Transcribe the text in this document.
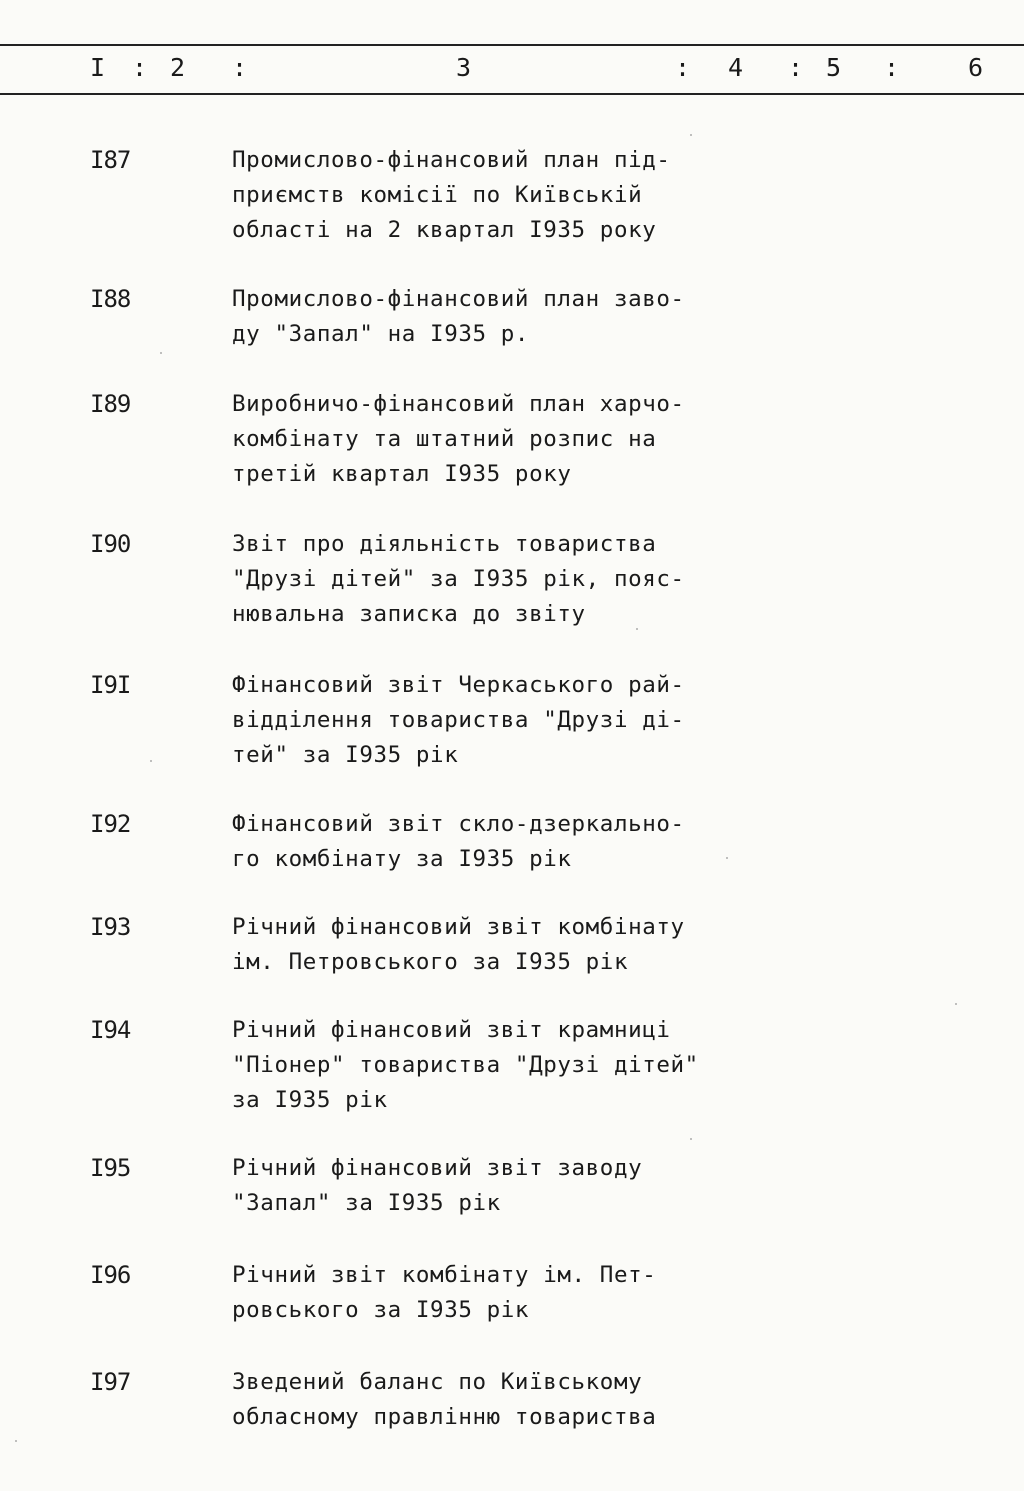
I : 2 :	3	: 4 : 5 :	6
I87	Промислово-фінансовий план під-
приємств комісії по Київській
області на 2 квартал I935 року
I88	Промислово-фінансовий план заво-
ду "Запал" на I935 р.
I89	Виробничо-фінансовий план харчо-
комбінату та штатний розпис на
третій квартал I935 року
I90	Звіт про діяльність товариства
"Друзі дітей" за I935 рік, пояс-
нювальна записка до звіту
I9I	Фінансовий звіт Черкаського рай-
відділення товариства "Друзі ді-
тей" за I935 рік
I92	Фінансовий звіт скло-дзеркально-
го комбінату за I935 рік
I93	Річний фінансовий звіт комбінату
ім. Петровського за I935 рік
I94	Річний фінансовий звіт крамниці
"Піонер" товариства "Друзі дітей"
за I935 рік
I95	Річний фінансовий звіт заводу
"Запал" за I935 рік
I96	Річний звіт комбінату ім. Пет-
ровського за I935 рік
I97	Зведений баланс по Київському
обласному правлінню товариства
